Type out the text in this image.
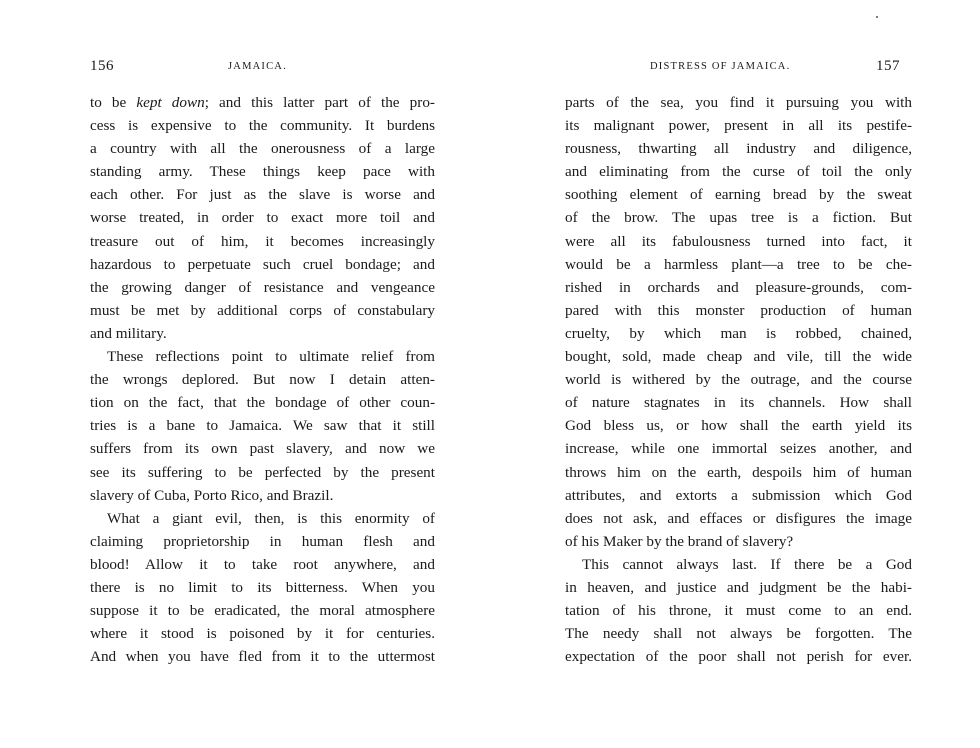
156	JAMAICA.
to be kept down; and this latter part of the pro-
cess is expensive to the community. It burdens
a country with all the onerousness of a large
standing army. These things keep pace with
each other. For just as the slave is worse and
worse treated, in order to exact more toil and
treasure out of him, it becomes increasingly
hazardous to perpetuate such cruel bondage; and
the growing danger of resistance and vengeance
must be met by additional corps of constabulary
and military.
These reflections point to ultimate relief from
the wrongs deplored. But now I detain atten-
tion on the fact, that the bondage of other coun-
tries is a bane to Jamaica. We saw that it still
suffers from its own past slavery, and now we
see its suffering to be perfected by the present
slavery of Cuba, Porto Rico, and Brazil.
What a giant evil, then, is this enormity of
claiming proprietorship in human flesh and
blood! Allow it to take root anywhere, and
there is no limit to its bitterness. When you
suppose it to be eradicated, the moral atmosphere
where it stood is poisoned by it for centuries.
And when you have fled from it to the uttermost
DISTRESS OF JAMAICA.	157
parts of the sea, you find it pursuing you with
its malignant power, present in all its pestife-
rousness, thwarting all industry and diligence,
and eliminating from the curse of toil the only
soothing element of earning bread by the sweat
of the brow. The upas tree is a fiction. But
were all its fabulousness turned into fact, it
would be a harmless plant—a tree to be che-
rished in orchards and pleasure-grounds, com-
pared with this monster production of human
cruelty, by which man is robbed, chained,
bought, sold, made cheap and vile, till the wide
world is withered by the outrage, and the course
of nature stagnates in its channels. How shall
God bless us, or how shall the earth yield its
increase, while one immortal seizes another, and
throws him on the earth, despoils him of human
attributes, and extorts a submission which God
does not ask, and effaces or disfigures the image
of his Maker by the brand of slavery?
This cannot always last. If there be a God
in heaven, and justice and judgment be the habi-
tation of his throne, it must come to an end.
The needy shall not always be forgotten. The
expectation of the poor shall not perish for ever.
